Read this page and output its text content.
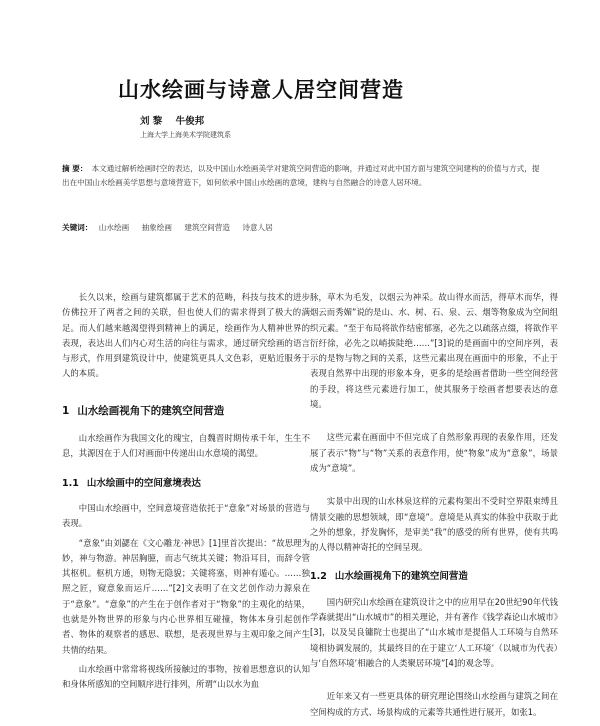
山水绘画与诗意人居空间营造
刘 黎 牛俊邦
上海大学上海美术学院建筑系
摘 要： 本文通过解析绘画时空的表达，以及中国山水绘画美学对建筑空间营造的影响，并通过对此中国方面与建筑空间建构的价值与方式，提出在中国山水绘画美学思想与意境营造下，如何依承中国山水绘画的意境，建构与自然融合的诗意人居环境。
关键词： 山水绘画 抽象绘画 建筑空间营造 诗意人居

长久以来，绘画与建筑都属于艺术的范畴，科技与技术的进步仿佛拉开了两者之间的关联，但也使人们的需求得到了极大的满足。而人们越来越渴望得到精神上的满足，绘画作为人精神世界的表现，表达出人们内心对生活的向往与需求，通过研究绘画的语言与形式，作用到建筑设计中，使建筑更具人文色彩，更贴近服务于人的本质。

1 山水绘画视角下的建筑空间营造

山水绘画作为我国文化的瑰宝，自魏晋时期传承千年，生生不息，其源因在于人们对画面中传递出山水意境的渴望。

1.1 山水绘画中的空间意境表达

中国山水绘画中，空间意境营造依托于“意象”对场景的营造与表现。

“意象”由刘勰在《文心雕龙·神思》[1]里首次提出：“故思理为妙，神与物游。神居胸臆，而志气统其关键；物沿耳目，而辞令管其枢机。枢机方通，则物无隐貌；关键将塞，则神有遁心。……独照之匠，窥意象而运斤……”[2]文表明了在文艺创作动力源泉在于“意象”。“意象”的产生在于创作者对于“物象”的主观化的结果，也就是外物世界的形象与内心世界相互碰撞，物体本身引起创作者、物体的观察者的感思、联想，是表现世界与主观印象之间产生共情的结果。

山水绘画中常常将视线所接触过的事物，按着思想意识的认知和身体所感知的空间顺序进行排列，所谓“山以水为血

脉，草木为毛发，以烟云为神采。故山得水而活，得草木而华，得烟云而秀媚”说的是山、水、树、石、泉、云、烟等物象成为空间组织元素。“至于布局将欲作结密郁塞，必先之以疏落点缀，将欲作平衍纡徐，必先之以峭拔陡绝……”[3]说的是画面中的空间序列，表示的是物与物之间的关系，这些元素出现在画面中的形象，不止于表现自然界中出现的形象本身，更多的是绘画者借助一些空间经营的手段，将这些元素进行加工，使其服务于绘画者想要表达的意境。

这些元素在画面中不但完成了自然形象再现的表象作用，还发展了表示“物”与“物”关系的表意作用，使“物象”成为“意象”，场景成为“意境”。

实景中出现的山水林泉这样的元素构架出不受时空界限束缚且情景交融的思想领域，即“意境”。意境是从真实的体验中获取于此之外的想象，抒发胸怀，是审美“我”的感受的所有世界，使有共鸣的人得以精神寄托的空间呈现。

1.2 山水绘画视角下的建筑空间营造

国内研究山水绘画在建筑设计之中的应用早在20世纪90年代钱学森就提出“山水城市”的相关理论，并有著作《钱学森论山水城市》[3]，以及吴良镛院士也提出了“山水城市是提倡人工环境与自然环境相协调发展的，其最终目的在于建立‘人工环境’（以城市为代表）与‘自然环境’相融合的人类聚居环境”[4]的观念等。

近年来又有一些更具体的研究理论围绕山水绘画与建筑之间在空间构成的方式、场景构成的元素等共通性进行展开，如张1。
